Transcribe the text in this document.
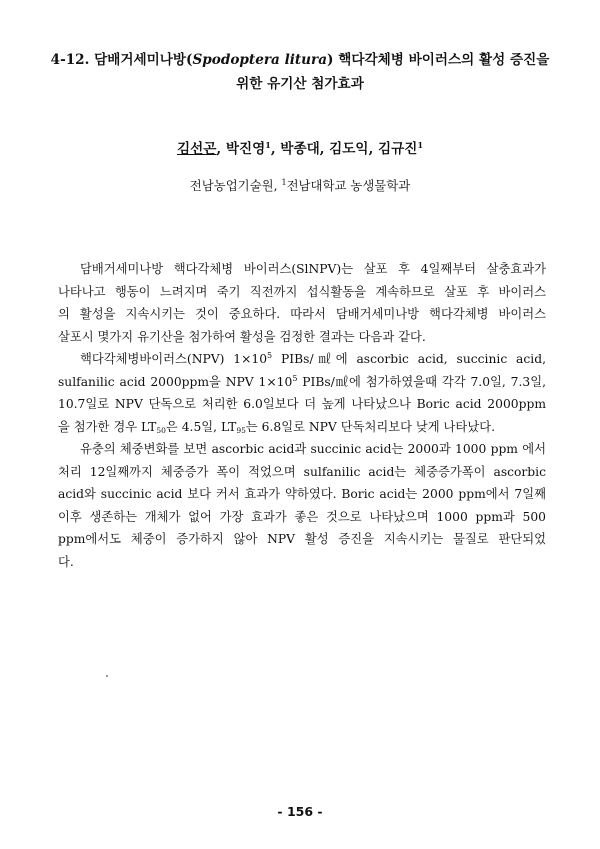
4-12. 담배거세미나방(Spodoptera litura) 핵다각체병 바이러스의 활성 증진을
위한 유기산 첨가효과
김선곤, 박진영$^1$, 박종대, 김도익, 김규진$^1$
전남농업기술원, $^1$전남대학교 농생물학과
담배거세미나방 핵다각체병 바이러스(SlNPV)는 살포 후 4일째부터 살충효과가
나타나고 행동이 느려지며 죽기 직전까지 섭식활동을 계속하므로 살포 후 바이러스
의 활성을 지속시키는 것이 중요하다. 따라서 담배거세미나방 핵다각체병 바이러스
살포시 몇가지 유기산을 첨가하여 활성을 검정한 결과는 다음과 같다.
핵다각체병바이러스(NPV) $1\times 10^5$ PIBs/㎖에 ascorbic acid, succinic acid,
sulfanilic acid 2000ppm을 NPV $1\times 10^5$ PIBs/㎖에 첨가하였을때 각각 7.0일, 7.3일,
10.7일로 NPV 단독으로 처리한 6.0일보다 더 높게 나타났으나 Boric acid 2000ppm
을 첨가한 경우 $LT_{50}$은 4.5일, $LT_{95}$는 6.8일로 NPV 단독처리보다 낮게 나타났다.
유충의 체중변화를 보면 ascorbic acid과 succinic acid는 2000과 1000 ppm 에서
처리 12일째까지 체중증가 폭이 적었으며 sulfanilic acid는 체중증가폭이 ascorbic
acid와 succinic acid 보다 커서 효과가 약하였다. Boric acid는 2000 ppm에서 7일째
이후 생존하는 개체가 없어 가장 효과가 좋은 것으로 나타났으며 1000 ppm과 500
ppm에서도 체중이 증가하지 않아 NPV 활성 증진을 지속시키는 물질로 판단되었
다.
- 156 -
